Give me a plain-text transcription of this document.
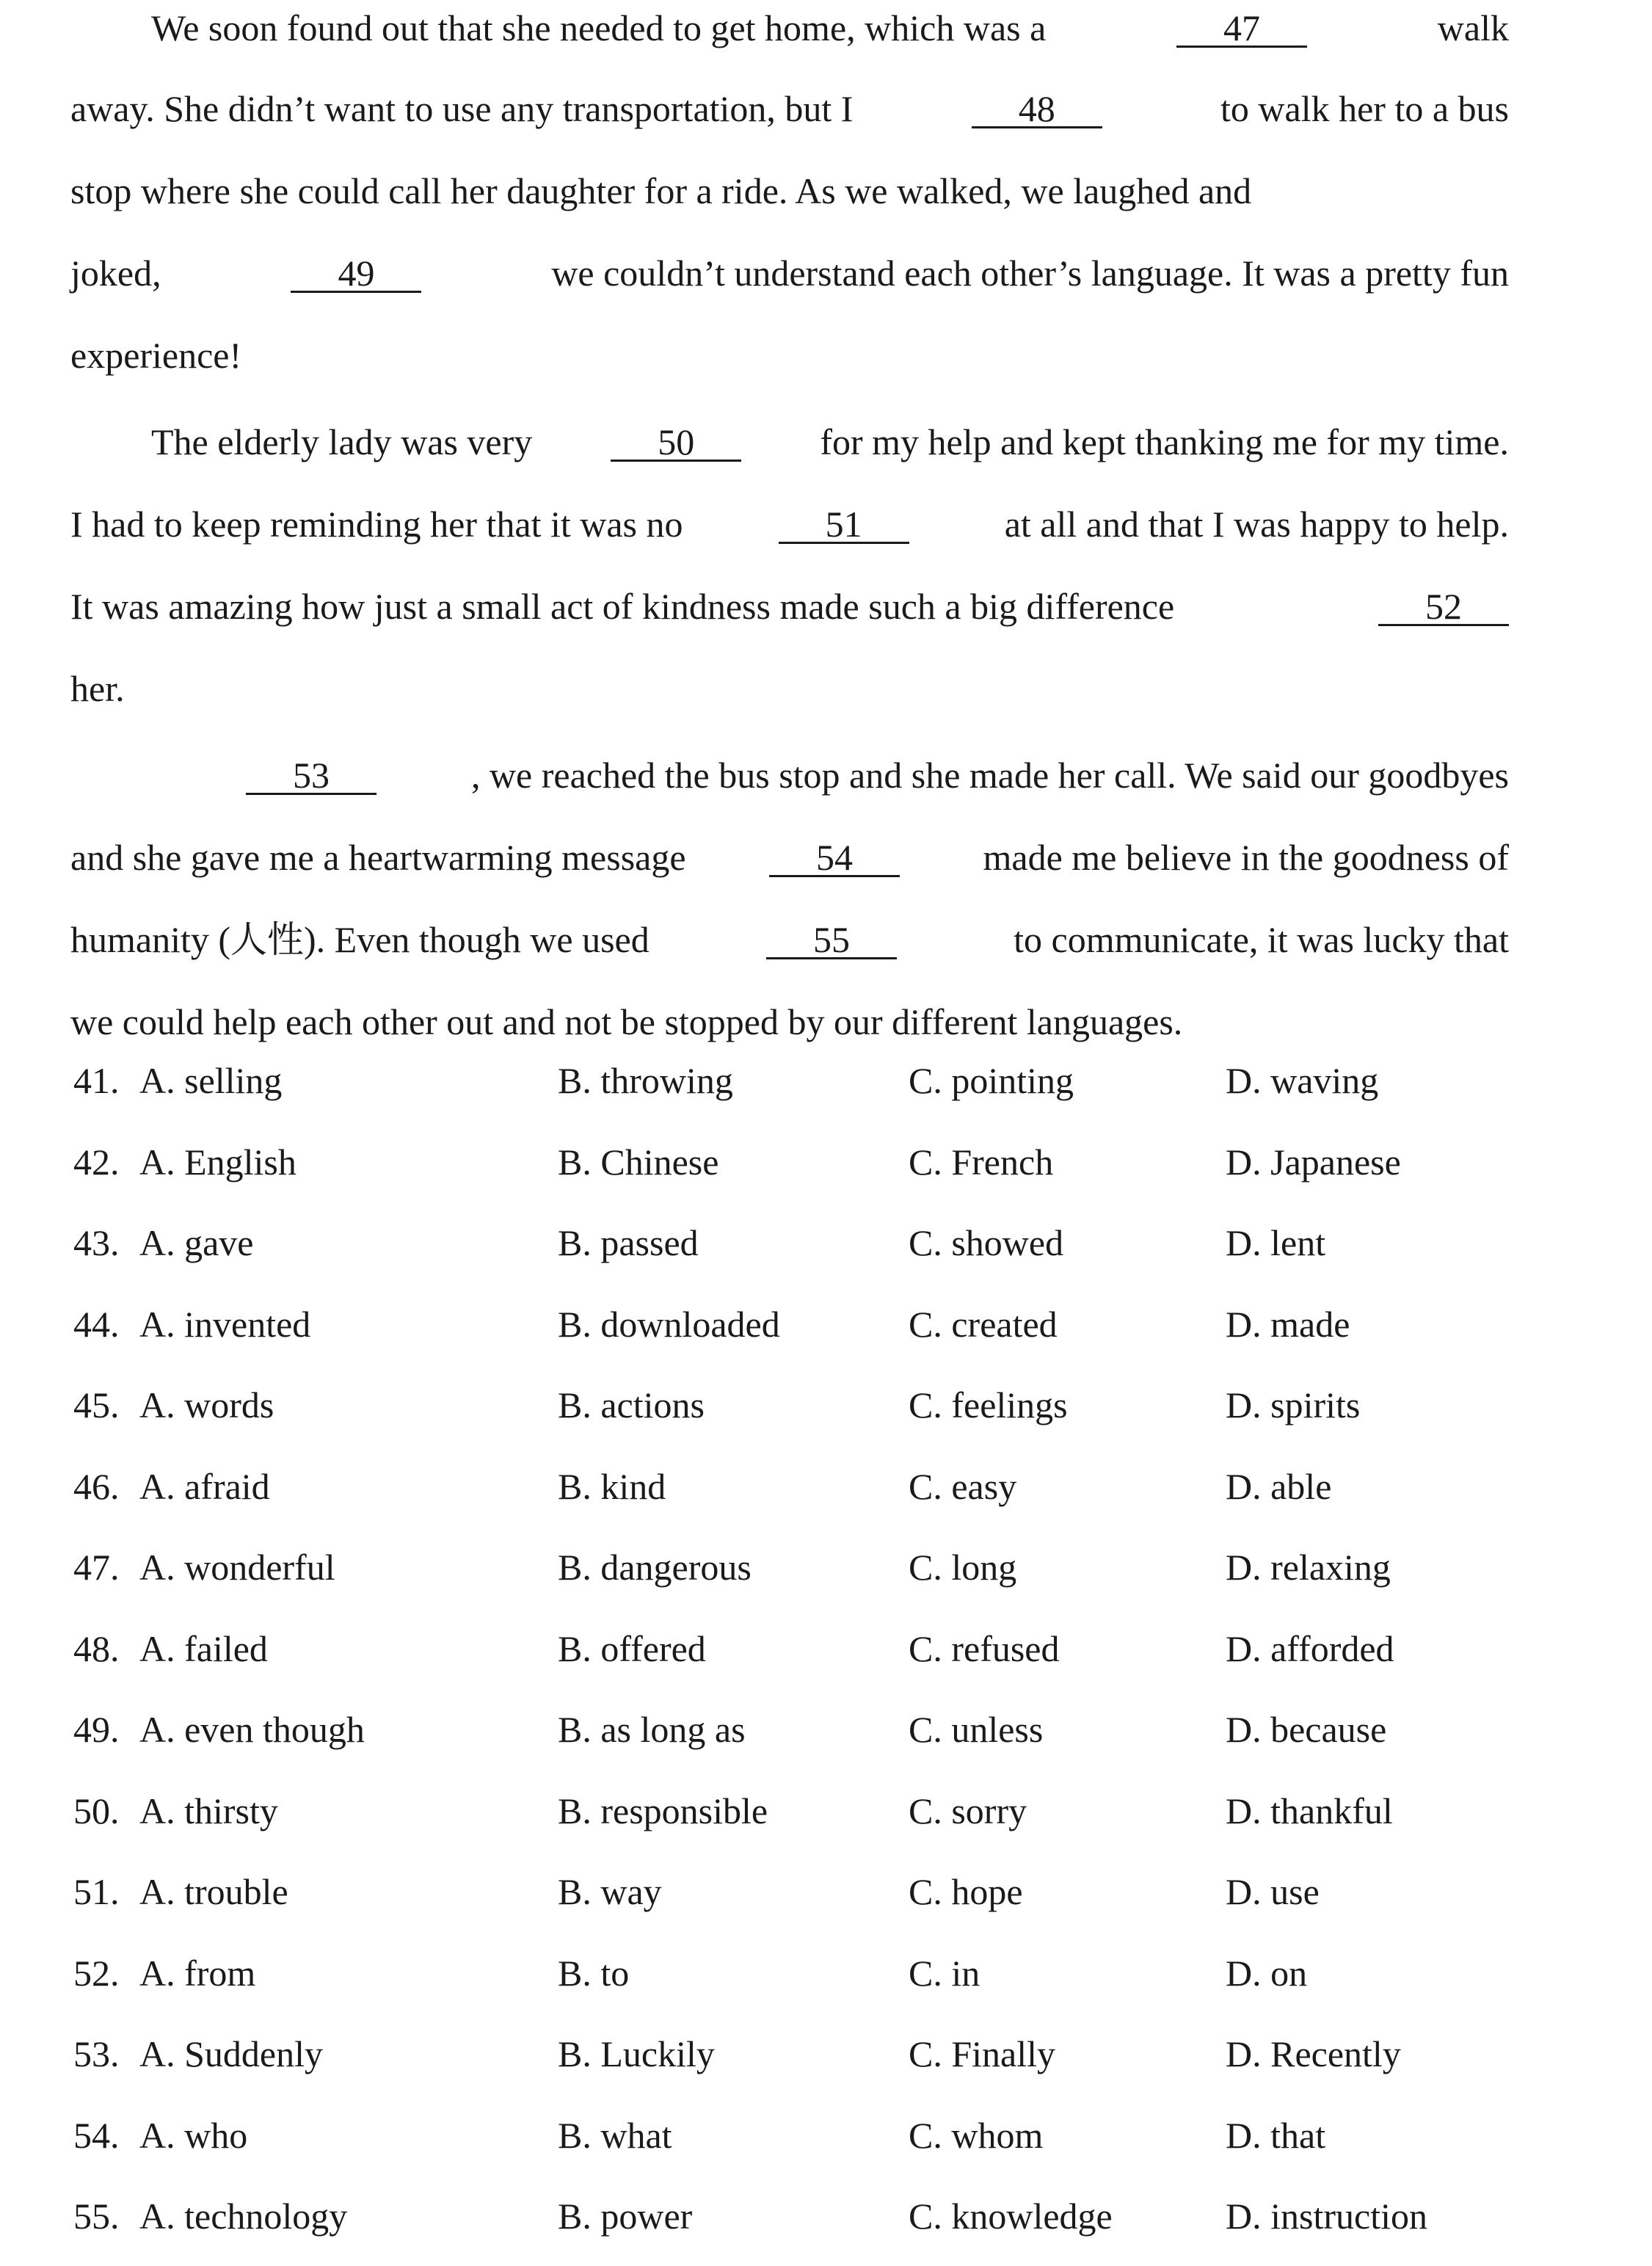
We soon found out that she needed to get home, which was a	47	walk
away. She didn’t want to use any transportation, but I	48	to walk her to a bus
stop where she could call her daughter for a ride. As we walked, we laughed and
joked,	49	we couldn’t understand each other’s language. It was a pretty fun
experience!
The elderly lady was very	50	for my help and kept thanking me for my time.
I had to keep reminding her that it was no	51	at all and that I was happy to help.
It was amazing how just a small act of kindness made such a big difference	52
her.
53	, we reached the bus stop and she made her call. We said our goodbyes
and she gave me a heartwarming message	54	made me believe in the goodness of
humanity (人性). Even though we used	55	to communicate, it was lucky that
we could help each other out and not be stopped by our different languages.
41. A. selling	B. throwing	C. pointing	D. waving
42. A. English	B. Chinese	C. French	D. Japanese
43. A. gave	B. passed	C. showed	D. lent
44. A. invented	B. downloaded	C. created	D. made
45. A. words	B. actions	C. feelings	D. spirits
46. A. afraid	B. kind	C. easy	D. able
47. A. wonderful	B. dangerous	C. long	D. relaxing
48. A. failed	B. offered	C. refused	D. afforded
49. A. even though	B. as long as	C. unless	D. because
50. A. thirsty	B. responsible	C. sorry	D. thankful
51. A. trouble	B. way	C. hope	D. use
52. A. from	B. to	C. in	D. on
53. A. Suddenly	B. Luckily	C. Finally	D. Recently
54. A. who	B. what	C. whom	D. that
55. A. technology	B. power	C. knowledge	D. instruction
